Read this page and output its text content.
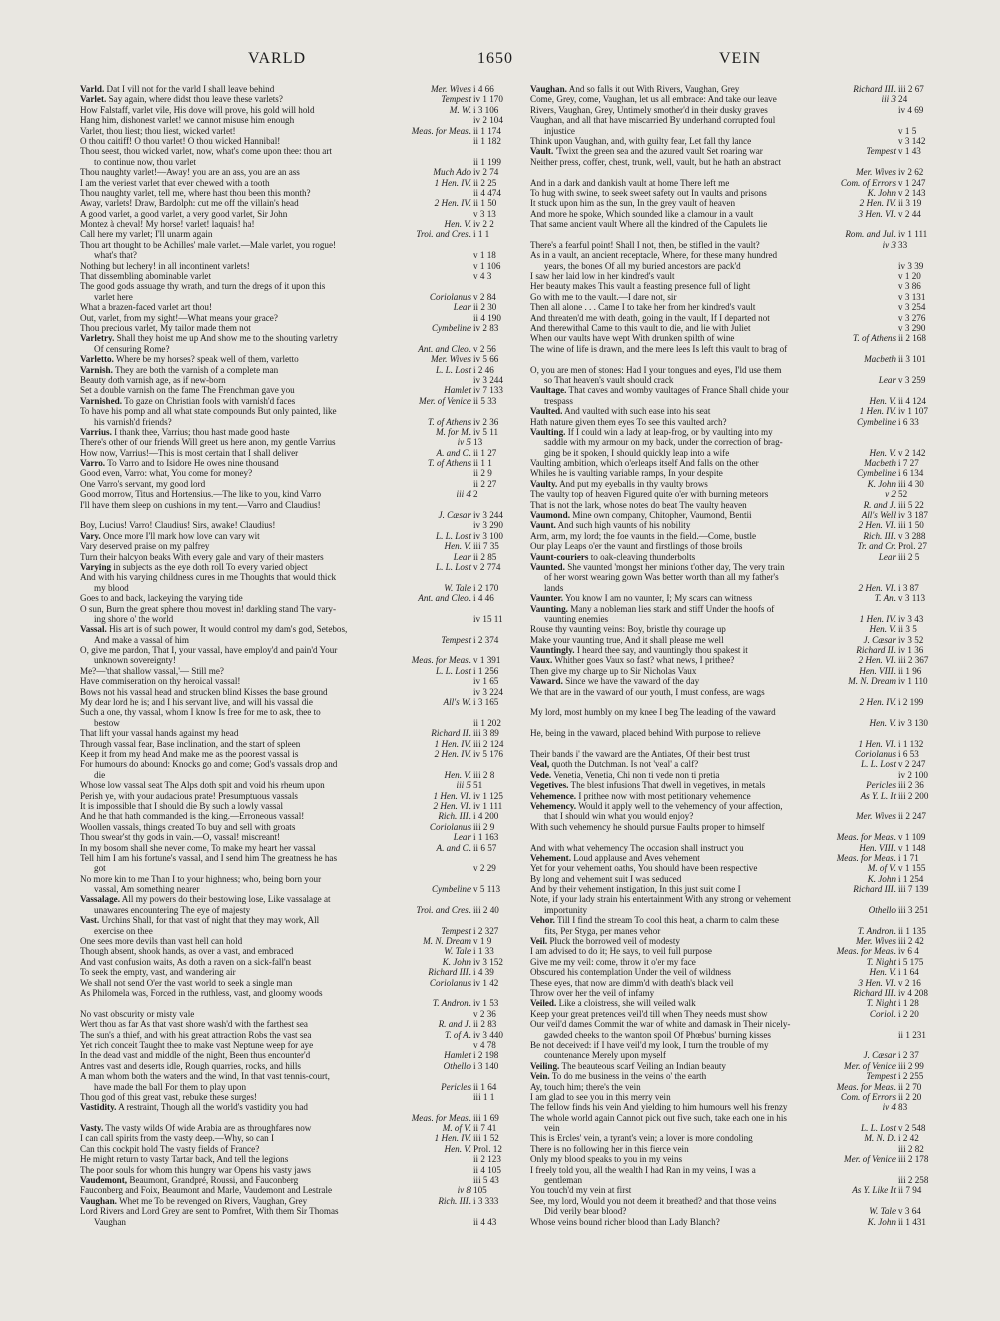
VARLD	1650	VEIN
Varld. Dat I vill not for the varld I shall leave behind	Mer. Wives i 4 66
Varlet. Say again, where didst thou leave these varlets?	Tempest iv 1 170
How Falstaff, varlet vile, His dove will prove, his gold will hold	M. W. i 3 106
Hang him, dishonest varlet! we cannot misuse him enough	iv 2 104
Varlet, thou liest; thou liest, wicked varlet!	Meas. for Meas. ii 1 174
O thou caitiff! O thou varlet! O thou wicked Hannibal!	ii 1 182
Thou seest, thou wicked varlet, now, what's come upon thee: thou art
to continue now, thou varlet	ii 1 199
Thou naughty varlet!—Away! you are an ass, you are an ass	Much Ado iv 2 74
I am the veriest varlet that ever chewed with a tooth	1 Hen. IV. ii 2 25
Thou naughty varlet, tell me, where hast thou been this month?	ii 4 474
Away, varlets! Draw, Bardolph: cut me off the villain's head	2 Hen. IV. ii 1 50
A good varlet, a good varlet, a very good varlet, Sir John	v 3 13
Montez à cheval! My horse! varlet! laquais! ha!	Hen. V. iv 2 2
Call here my varlet; I'll unarm again	Troi. and Cres. i 1 1
Thou art thought to be Achilles' male varlet.—Male varlet, you rogue!
what's that?	v 1 18
Nothing but lechery! in all incontinent varlets!	v 1 106
That dissembling abominable varlet	v 4 3
The good gods assuage thy wrath, and turn the dregs of it upon this
varlet here	Coriolanus v 2 84
What a brazen-faced varlet art thou!	Lear ii 2 30
Out, varlet, from my sight!—What means your grace?	ii 4 190
Thou precious varlet, My tailor made them not	Cymbeline iv 2 83
Varletry. Shall they hoist me up And show me to the shouting varletry
Of censuring Rome?	Ant. and Cleo. v 2 56
Varletto. Where be my horses? speak well of them, varletto	Mer. Wives iv 5 66
Varnish. They are both the varnish of a complete man	L. L. Lost i 2 46
Beauty doth varnish age, as if new-born	iv 3 244
Set a double varnish on the fame The Frenchman gave you	Hamlet iv 7 133
Varnished. To gaze on Christian fools with varnish'd faces	Mer. of Venice ii 5 33
To have his pomp and all what state compounds But only painted, like
his varnish'd friends?	T. of Athens iv 2 36
Varrius. I thank thee, Varrius; thou hast made good haste	M. for M. iv 5 11
There's other of our friends Will greet us here anon, my gentle Varrius	iv 5 13
How now, Varrius!—This is most certain that I shall deliver	A. and C. ii 1 27
Varro. To Varro and to Isidore He owes nine thousand	T. of Athens ii 1 1
Good even, Varro: what, You come for money?	ii 2 9
One Varro's servant, my good lord	ii 2 27
Good morrow, Titus and Hortensius.—The like to you, kind Varro	iii 4 2
I'll have them sleep on cushions in my tent.—Varro and Claudius!
J. Cæsar iv 3 244
Boy, Lucius! Varro! Claudius! Sirs, awake! Claudius!	iv 3 290
Vary. Once more I'll mark how love can vary wit	L. L. Lost iv 3 100
Vary deserved praise on my palfrey	Hen. V. iii 7 35
Turn their halcyon beaks With every gale and vary of their masters	Lear ii 2 85
Varying in subjects as the eye doth roll To every varied object	L. L. Lost v 2 774
And with his varying childness cures in me Thoughts that would thick
my blood	W. Tale i 2 170
Goes to and back, lackeying the varying tide	Ant. and Cleo. i 4 46
O sun, Burn the great sphere thou movest in! darkling stand The vary-
ing shore o' the world	iv 15 11
Vassal. His art is of such power, It would control my dam's god, Setebos,
And make a vassal of him	Tempest i 2 374
O, give me pardon, That I, your vassal, have employ'd and pain'd Your
unknown sovereignty!	Meas. for Meas. v 1 391
Me?—'that shallow vassal,'— Still me?	L. L. Lost i 1 256
Have commiseration on thy heroical vassal!	iv 1 65
Bows not his vassal head and strucken blind Kisses the base ground	iv 3 224
My dear lord he is; and I his servant live, and will his vassal die	All's W. i 3 165
Such a one, thy vassal, whom I know Is free for me to ask, thee to
bestow	ii 1 202
That lift your vassal hands against my head	Richard II. iii 3 89
Through vassal fear, Base inclination, and the start of spleen	1 Hen. IV. iii 2 124
Keep it from my head And make me as the poorest vassal is	2 Hen. IV. iv 5 176
For humours do abound: Knocks go and come; God's vassals drop and
die	Hen. V. iii 2 8
Whose low vassal seat The Alps doth spit and void his rheum upon	iii 5 51
Perish ye, with your audacious prate! Presumptuous vassals	1 Hen. VI. iv 1 125
It is impossible that I should die By such a lowly vassal	2 Hen. VI. iv 1 111
And he that hath commanded is the king.—Erroneous vassal!	Rich. III. i 4 200
Woollen vassals, things created To buy and sell with groats	Coriolanus iii 2 9
Thou swear'st thy gods in vain.—O, vassal! miscreant!	Lear i 1 163
In my bosom shall she never come, To make my heart her vassal	A. and C. ii 6 57
Tell him I am his fortune's vassal, and I send him The greatness he has
got	v 2 29
No more kin to me Than I to your highness; who, being born your
vassal, Am something nearer	Cymbeline v 5 113
Vassalage. All my powers do their bestowing lose, Like vassalage at
unawares encountering The eye of majesty	Troi. and Cres. iii 2 40
Vast. Urchins Shall, for that vast of night that they may work, All
exercise on thee	Tempest i 2 327
One sees more devils than vast hell can hold	M. N. Dream v 1 9
Though absent, shook hands, as over a vast, and embraced	W. Tale i 1 33
And vast confusion waits, As doth a raven on a sick-fall'n beast	K. John iv 3 152
To seek the empty, vast, and wandering air	Richard III. i 4 39
We shall not send O'er the vast world to seek a single man	Coriolanus iv 1 42
As Philomela was, Forced in the ruthless, vast, and gloomy woods
T. Andron. iv 1 53
No vast obscurity or misty vale	v 2 36
Wert thou as far As that vast shore wash'd with the farthest sea	R. and J. ii 2 83
The sun's a thief, and with his great attraction Robs the vast sea	T. of A. iv 3 440
Yet rich conceit Taught thee to make vast Neptune weep for aye	v 4 78
In the dead vast and middle of the night, Been thus encounter'd	Hamlet i 2 198
Antres vast and deserts idle, Rough quarries, rocks, and hills	Othello i 3 140
A man whom both the waters and the wind, In that vast tennis-court,
have made the ball For them to play upon	Pericles ii 1 64
Thou god of this great vast, rebuke these surges!	iii 1 1
Vastidity. A restraint, Though all the world's vastidity you had
Meas. for Meas. iii 1 69
Vasty. The vasty wilds Of wide Arabia are as throughfares now	M. of V. ii 7 41
I can call spirits from the vasty deep.—Why, so can I	1 Hen. IV. iii 1 52
Can this cockpit hold The vasty fields of France?	Hen. V. Prol. 12
He might return to vasty Tartar back, And tell the legions	ii 2 123
The poor souls for whom this hungry war Opens his vasty jaws	ii 4 105
Vaudemont, Beaumont, Grandpré, Roussi, and Fauconberg	iii 5 43
Fauconberg and Foix, Beaumont and Marle, Vaudemont and Lestrale	iv 8 105
Vaughan. Whet me To be revenged on Rivers, Vaughan, Grey	Rich. III. i 3 333
Lord Rivers and Lord Grey are sent to Pomfret, With them Sir Thomas
Vaughan	ii 4 43
Vaughan. And so falls it out With Rivers, Vaughan, Grey	Richard III. iii 2 67
Come, Grey, come, Vaughan, let us all embrace: And take our leave	iii 3 24
Rivers, Vaughan, Grey, Untimely smother'd in their dusky graves	iv 4 69
Vaughan, and all that have miscarried By underhand corrupted foul
injustice	v 1 5
Think upon Vaughan, and, with guilty fear, Let fall thy lance	v 3 142
Vault. 'Twixt the green sea and the azured vault Set roaring war	Tempest v 1 43
Neither press, coffer, chest, trunk, well, vault, but he hath an abstract
Mer. Wives iv 2 62
And in a dark and dankish vault at home There left me	Com. of Errors v 1 247
To hug with swine, to seek sweet safety out In vaults and prisons	K. John v 2 143
It stuck upon him as the sun, In the grey vault of heaven	2 Hen. IV. ii 3 19
And more he spoke, Which sounded like a clamour in a vault	3 Hen. VI. v 2 44
That same ancient vault Where all the kindred of the Capulets lie
Rom. and Jul. iv 1 111
There's a fearful point! Shall I not, then, be stifled in the vault?	iv 3 33
As in a vault, an ancient receptacle, Where, for these many hundred
years, the bones Of all my buried ancestors are pack'd	iv 3 39
I saw her laid low in her kindred's vault	v 1 20
Her beauty makes This vault a feasting presence full of light	v 3 86
Go with me to the vault.—I dare not, sir	v 3 131
Then all alone . . . Came I to take her from her kindred's vault	v 3 254
And threaten'd me with death, going in the vault, If I departed not	v 3 276
And therewithal Came to this vault to die, and lie with Juliet	v 3 290
When our vaults have wept With drunken spilth of wine	T. of Athens ii 2 168
The wine of life is drawn, and the mere lees Is left this vault to brag of
Macbeth ii 3 101
O, you are men of stones: Had I your tongues and eyes, I'ld use them
so That heaven's vault should crack	Lear v 3 259
Vaultage. That caves and womby vaultages of France Shall chide your
trespass	Hen. V. ii 4 124
Vaulted. And vaulted with such ease into his seat	1 Hen. IV. iv 1 107
Hath nature given them eyes To see this vaulted arch?	Cymbeline i 6 33
Vaulting. If I could win a lady at leap-frog, or by vaulting into my
saddle with my armour on my back, under the correction of brag-
ging be it spoken, I should quickly leap into a wife	Hen. V. v 2 142
Vaulting ambition, which o'erleaps itself And falls on the other	Macbeth i 7 27
Whiles he is vaulting variable ramps, In your despite	Cymbeline i 6 134
Vaulty. And put my eyeballs in thy vaulty brows	K. John iii 4 30
The vaulty top of heaven Figured quite o'er with burning meteors	v 2 52
That is not the lark, whose notes do beat The vaulty heaven	R. and J. iii 5 22
Vaumond. Mine own company, Chitopher, Vaumond, Bentii	All's Well iv 3 187
Vaunt. And such high vaunts of his nobility	2 Hen. VI. iii 1 50
Arm, arm, my lord; the foe vaunts in the field.—Come, bustle	Rich. III. v 3 288
Our play Leaps o'er the vaunt and firstlings of those broils	Tr. and Cr. Prol. 27
Vaunt-couriers to oak-cleaving thunderbolts	Lear iii 2 5
Vaunted. She vaunted 'mongst her minions t'other day, The very train
of her worst wearing gown Was better worth than all my father's
lands	2 Hen. VI. i 3 87
Vaunter. You know I am no vaunter, I; My scars can witness	T. An. v 3 113
Vaunting. Many a nobleman lies stark and stiff Under the hoofs of
vaunting enemies	1 Hen. IV. iv 3 43
Rouse thy vaunting veins: Boy, bristle thy courage up	Hen. V. ii 3 5
Make your vaunting true, And it shall please me well	J. Cæsar iv 3 52
Vauntingly. I heard thee say, and vauntingly thou spakest it	Richard II. iv 1 36
Vaux. Whither goes Vaux so fast? what news, I prithee?	2 Hen. VI. iii 2 367
Then give my charge up to Sir Nicholas Vaux	Hen. VIII. ii 1 96
Vaward. Since we have the vaward of the day	M. N. Dream iv 1 110
We that are in the vaward of our youth, I must confess, are wags
2 Hen. IV. i 2 199
My lord, most humbly on my knee I beg The leading of the vaward
Hen. V. iv 3 130
He, being in the vaward, placed behind With purpose to relieve
1 Hen. VI. i 1 132
Their bands i' the vaward are the Antiates, Of their best trust	Coriolanus i 6 53
Veal, quoth the Dutchman. Is not 'veal' a calf?	L. L. Lost v 2 247
Vede. Venetia, Venetia, Chi non ti vede non ti pretia	iv 2 100
Vegetives. The blest infusions That dwell in vegetives, in metals	Pericles iii 2 36
Vehemence. I prithee now with most petitionary vehemence	As Y. L. It iii 2 200
Vehemency. Would it apply well to the vehemency of your affection,
that I should win what you would enjoy?	Mer. Wives ii 2 247
With such vehemency he should pursue Faults proper to himself
Meas. for Meas. v 1 109
And with what vehemency The occasion shall instruct you	Hen. VIII. v 1 148
Vehement. Loud applause and Aves vehement	Meas. for Meas. i 1 71
Yet for your vehement oaths, You should have been respective	M. of V. v 1 155
By long and vehement suit I was seduced	K. John i 1 254
And by their vehement instigation, In this just suit come I	Richard III. iii 7 139
Note, if your lady strain his entertainment With any strong or vehement
importunity	Othello iii 3 251
Vehor. Till I find the stream To cool this heat, a charm to calm these
fits, Per Styga, per manes vehor	T. Andron. ii 1 135
Veil. Pluck the borrowed veil of modesty	Mer. Wives iii 2 42
I am advised to do it; He says, to veil full purpose	Meas. for Meas. iv 6 4
Give me my veil: come, throw it o'er my face	T. Night i 5 175
Obscured his contemplation Under the veil of wildness	Hen. V. i 1 64
These eyes, that now are dimm'd with death's black veil	3 Hen. VI. v 2 16
Throw over her the veil of infamy	Richard III. iv 4 208
Veiled. Like a cloistress, she will veiled walk	T. Night i 1 28
Keep your great pretences veil'd till when They needs must show	Coriol. i 2 20
Our veil'd dames Commit the war of white and damask in Their nicely-
gawded cheeks to the wanton spoil Of Phœbus' burning kisses	ii 1 231
Be not deceived: if I have veil'd my look, I turn the trouble of my
countenance Merely upon myself	J. Cæsar i 2 37
Veiling. The beauteous scarf Veiling an Indian beauty	Mer. of Venice iii 2 99
Vein. To do me business in the veins o' the earth	Tempest i 2 255
Ay, touch him; there's the vein	Meas. for Meas. ii 2 70
I am glad to see you in this merry vein	Com. of Errors ii 2 20
The fellow finds his vein And yielding to him humours well his frenzy	iv 4 83
The whole world again Cannot pick out five such, take each one in his
vein	L. L. Lost v 2 548
This is Ercles' vein, a tyrant's vein; a lover is more condoling	M. N. D. i 2 42
There is no following her in this fierce vein	iii 2 82
Only my blood speaks to you in my veins	Mer. of Venice iii 2 178
I freely told you, all the wealth I had Ran in my veins, I was a
gentleman	iii 2 258
You touch'd my vein at first	As Y. Like It ii 7 94
See, my lord, Would you not deem it breathed? and that those veins
Did verily bear blood?	W. Tale v 3 64
Whose veins bound richer blood than Lady Blanch?	K. John ii 1 431
